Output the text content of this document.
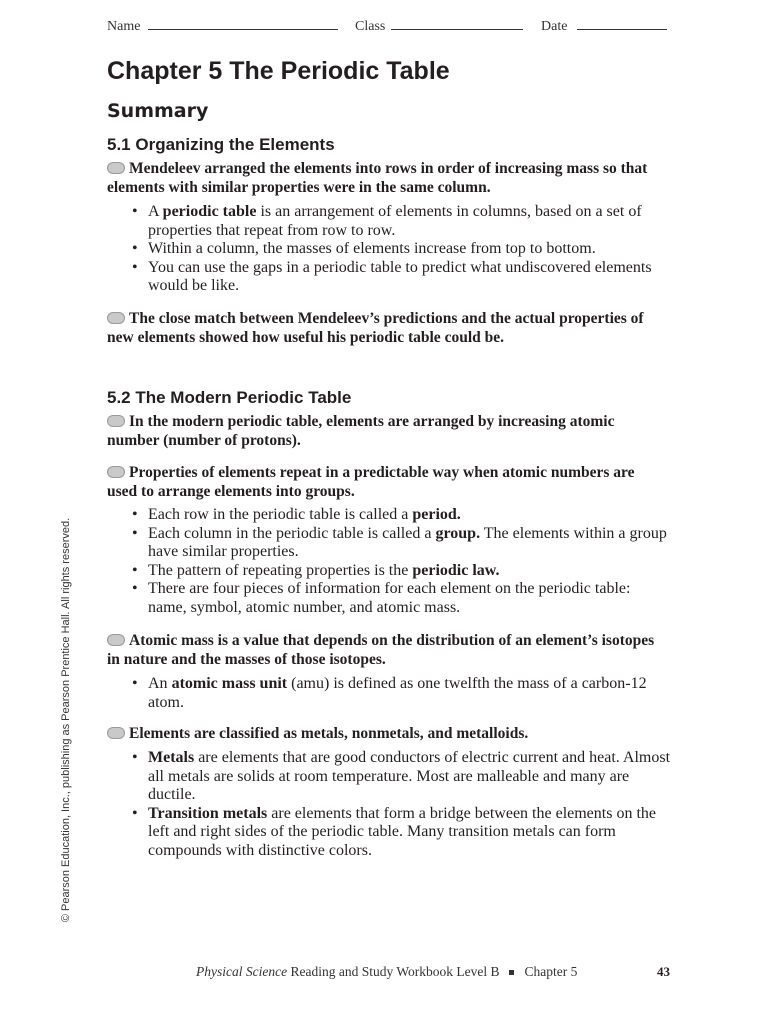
Name	Class	Date
Chapter 5 The Periodic Table
Summary
5.1 Organizing the Elements
Mendeleev arranged the elements into rows in order of increasing mass so that elements with similar properties were in the same column.
• A periodic table is an arrangement of elements in columns, based on a set of properties that repeat from row to row.
• Within a column, the masses of elements increase from top to bottom.
• You can use the gaps in a periodic table to predict what undiscovered elements would be like.
The close match between Mendeleev’s predictions and the actual properties of new elements showed how useful his periodic table could be.
5.2 The Modern Periodic Table
In the modern periodic table, elements are arranged by increasing atomic number (number of protons).
Properties of elements repeat in a predictable way when atomic numbers are used to arrange elements into groups.
• Each row in the periodic table is called a period.
• Each column in the periodic table is called a group. The elements within a group have similar properties.
• The pattern of repeating properties is the periodic law.
• There are four pieces of information for each element on the periodic table: name, symbol, atomic number, and atomic mass.
Atomic mass is a value that depends on the distribution of an element’s isotopes in nature and the masses of those isotopes.
• An atomic mass unit (amu) is defined as one twelfth the mass of a carbon-12 atom.
Elements are classified as metals, nonmetals, and metalloids.
• Metals are elements that are good conductors of electric current and heat. Almost all metals are solids at room temperature. Most are malleable and many are ductile.
• Transition metals are elements that form a bridge between the elements on the left and right sides of the periodic table. Many transition metals can form compounds with distinctive colors.
© Pearson Education, Inc., publishing as Pearson Prentice Hall. All rights reserved.
Physical Science Reading and Study Workbook Level B Chapter 5	43
